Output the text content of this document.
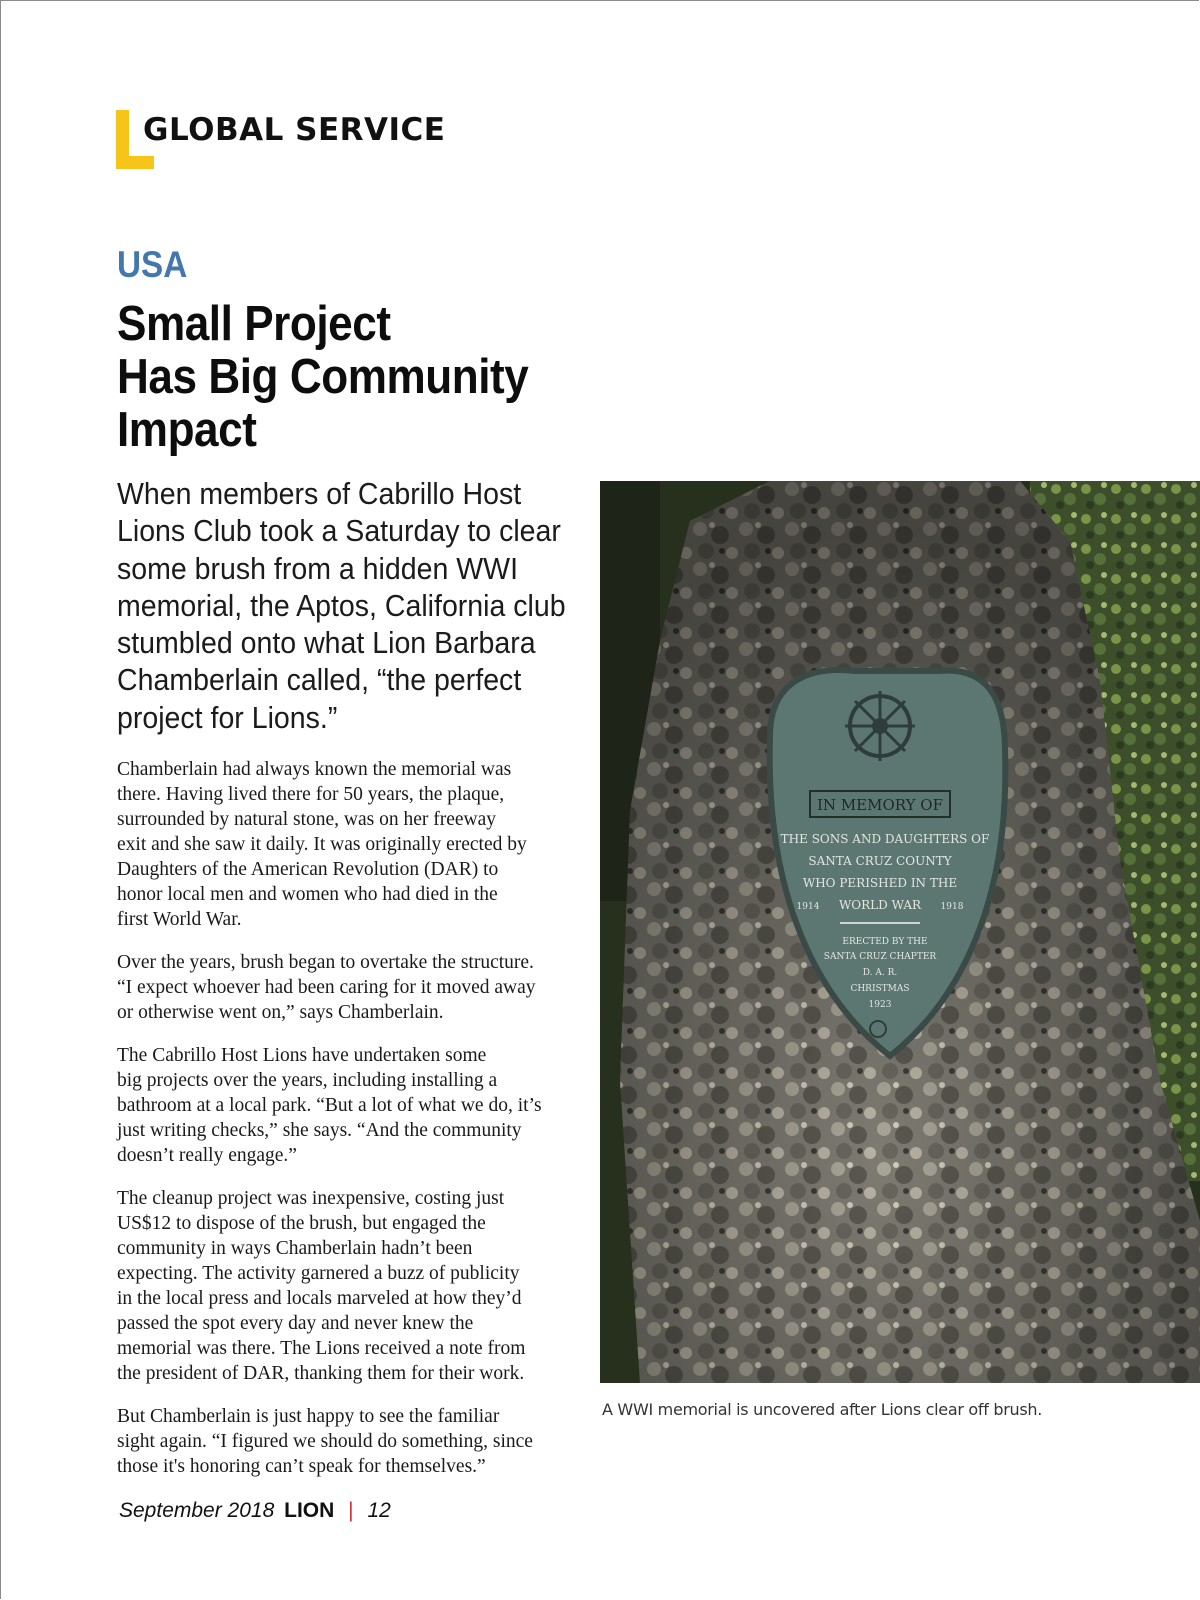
GLOBAL SERVICE
USA
Small Project
Has Big Community
Impact
When members of Cabrillo Host
Lions Club took a Saturday to clear
some brush from a hidden WWI
memorial, the Aptos, California club
stumbled onto what Lion Barbara
Chamberlain called, “the perfect
project for Lions.”

Chamberlain had always known the memorial was
there. Having lived there for 50 years, the plaque,
surrounded by natural stone, was on her freeway
exit and she saw it daily. It was originally erected by
Daughters of the American Revolution (DAR) to
honor local men and women who had died in the
first World War.

Over the years, brush began to overtake the structure.
“I expect whoever had been caring for it moved away
or otherwise went on,” says Chamberlain.

The Cabrillo Host Lions have undertaken some
big projects over the years, including installing a
bathroom at a local park. “But a lot of what we do, it’s
just writing checks,” she says. “And the community
doesn’t really engage.”

The cleanup project was inexpensive, costing just
US$12 to dispose of the brush, but engaged the
community in ways Chamberlain hadn’t been
expecting. The activity garnered a buzz of publicity
in the local press and locals marveled at how they’d
passed the spot every day and never knew the
memorial was there. The Lions received a note from
the president of DAR, thanking them for their work.

But Chamberlain is just happy to see the familiar
sight again. “I figured we should do something, since
those it's honoring can’t speak for themselves.”

IN MEMORY OF
THE SONS AND DAUGHTERS OF
SANTA CRUZ COUNTY
WHO PERISHED IN THE
1914 WORLD WAR 1918
ERECTED BY THE
SANTA CRUZ CHAPTER
D. A. R.
CHRISTMAS
1923
A WWI memorial is uncovered after Lions clear off brush.
September 2018 LION | 12
